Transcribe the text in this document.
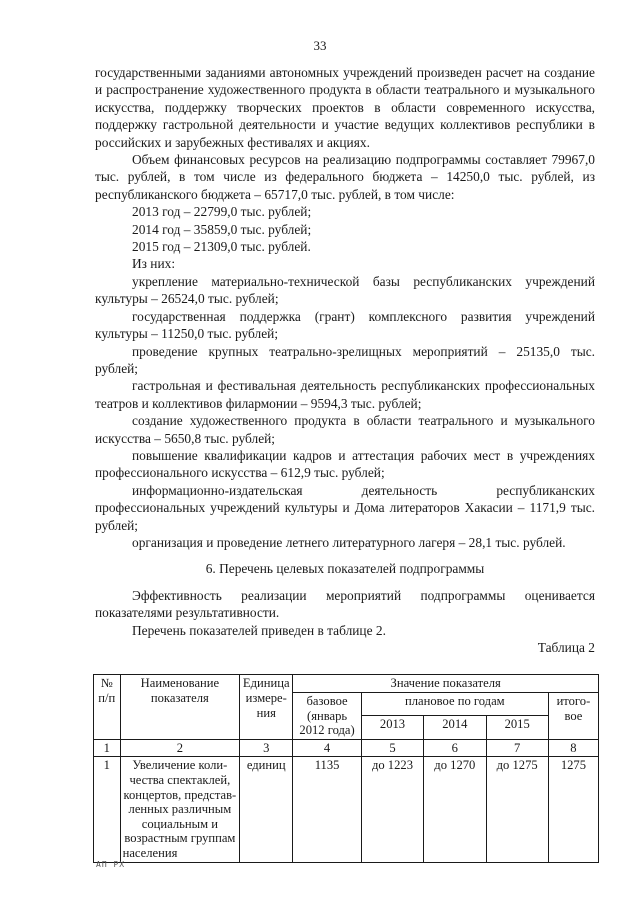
33

государственными заданиями автономных учреждений произведен расчет на создание и распространение художественного продукта в области театрального и музыкального искусства, поддержку творческих проектов в области современного искусства, поддержку гастрольной деятельности и участие ведущих коллективов республики в российских и зарубежных фестивалях и акциях.

Объем финансовых ресурсов на реализацию подпрограммы составляет 79967,0 тыс. рублей, в том числе из федерального бюджета – 14250,0 тыс. рублей, из республиканского бюджета – 65717,0 тыс. рублей, в том числе:

2013 год – 22799,0 тыс. рублей;

2014 год – 35859,0 тыс. рублей;

2015 год – 21309,0 тыс. рублей.

Из них:

укрепление материально-технической базы республиканских учреждений культуры – 26524,0 тыс. рублей;

государственная поддержка (грант) комплексного развития учреждений культуры – 11250,0 тыс. рублей;

проведение крупных театрально-зрелищных мероприятий – 25135,0 тыс. рублей;

гастрольная и фестивальная деятельность республиканских профессиональных театров и коллективов филармонии – 9594,3 тыс. рублей;

создание художественного продукта в области театрального и музыкального искусства – 5650,8 тыс. рублей;

повышение квалификации кадров и аттестация рабочих мест в учреждениях профессионального искусства – 612,9 тыс. рублей;

информационно-издательская деятельность республиканских профессиональных учреждений культуры и Дома литераторов Хакасии – 1171,9 тыс. рублей;

организация и проведение летнего литературного лагеря – 28,1 тыс. рублей.

6. Перечень целевых показателей подпрограммы

Эффективность реализации мероприятий подпрограммы оценивается показателями результативности.

Перечень показателей приведен в таблице 2.

Таблица 2

№ п/п	Наименование показателя	Единица измере-ния	Значение показателя				
			базовое (январь 2012 года)	плановое по годам			итого-вое
				2013	2014	2015	
1	2	3	4	5	6	7	8
1	Увеличение коли-чества спектаклей, концертов, представ-ленных различным социальным и возрастным группам населения	единиц	1135	до 1223	до 1270	до 1275	1275
АП РХ
